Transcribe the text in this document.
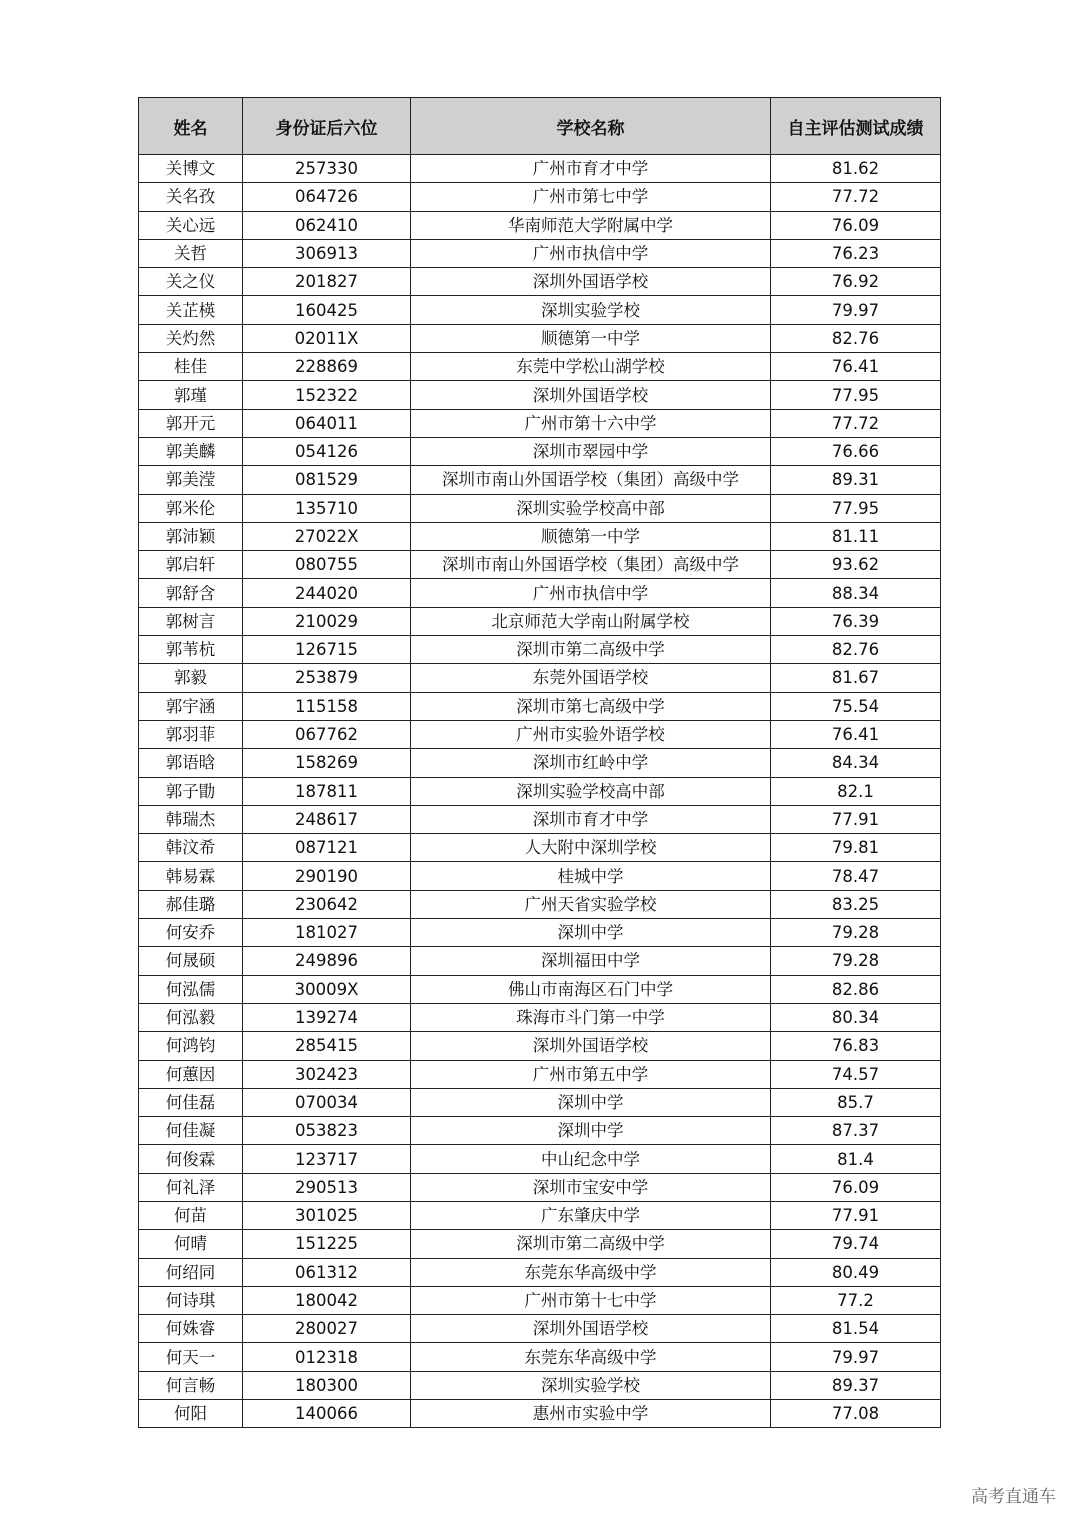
姓名	身份证后六位	学校名称	自主评估测试成绩
关博文	257330	广州市育才中学	81.62
关名孜	064726	广州市第七中学	77.72
关心远	062410	华南师范大学附属中学	76.09
关哲	306913	广州市执信中学	76.23
关之仪	201827	深圳外国语学校	76.92
关芷楧	160425	深圳实验学校	79.97
关灼然	02011X	顺德第一中学	82.76
桂佳	228869	东莞中学松山湖学校	76.41
郭瑾	152322	深圳外国语学校	77.95
郭开元	064011	广州市第十六中学	77.72
郭美麟	054126	深圳市翠园中学	76.66
郭美滢	081529	深圳市南山外国语学校（集团）高级中学	89.31
郭米伦	135710	深圳实验学校高中部	77.95
郭沛颖	27022X	顺德第一中学	81.11
郭启轩	080755	深圳市南山外国语学校（集团）高级中学	93.62
郭舒含	244020	广州市执信中学	88.34
郭树言	210029	北京师范大学南山附属学校	76.39
郭苇杭	126715	深圳市第二高级中学	82.76
郭毅	253879	东莞外国语学校	81.67
郭宇涵	115158	深圳市第七高级中学	75.54
郭羽菲	067762	广州市实验外语学校	76.41
郭语晗	158269	深圳市红岭中学	84.34
郭子勖	187811	深圳实验学校高中部	82.1
韩瑞杰	248617	深圳市育才中学	77.91
韩汶希	087121	人大附中深圳学校	79.81
韩易霖	290190	桂城中学	78.47
郝佳璐	230642	广州天省实验学校	83.25
何安乔	181027	深圳中学	79.28
何晟硕	249896	深圳福田中学	79.28
何泓儒	30009X	佛山市南海区石门中学	82.86
何泓毅	139274	珠海市斗门第一中学	80.34
何鸿钧	285415	深圳外国语学校	76.83
何蕙因	302423	广州市第五中学	74.57
何佳磊	070034	深圳中学	85.7
何佳凝	053823	深圳中学	87.37
何俊霖	123717	中山纪念中学	81.4
何礼泽	290513	深圳市宝安中学	76.09
何苗	301025	广东肇庆中学	77.91
何晴	151225	深圳市第二高级中学	79.74
何绍同	061312	东莞东华高级中学	80.49
何诗琪	180042	广州市第十七中学	77.2
何姝睿	280027	深圳外国语学校	81.54
何天一	012318	东莞东华高级中学	79.97
何言畅	180300	深圳实验学校	89.37
何阳	140066	惠州市实验中学	77.08
高考直通车
